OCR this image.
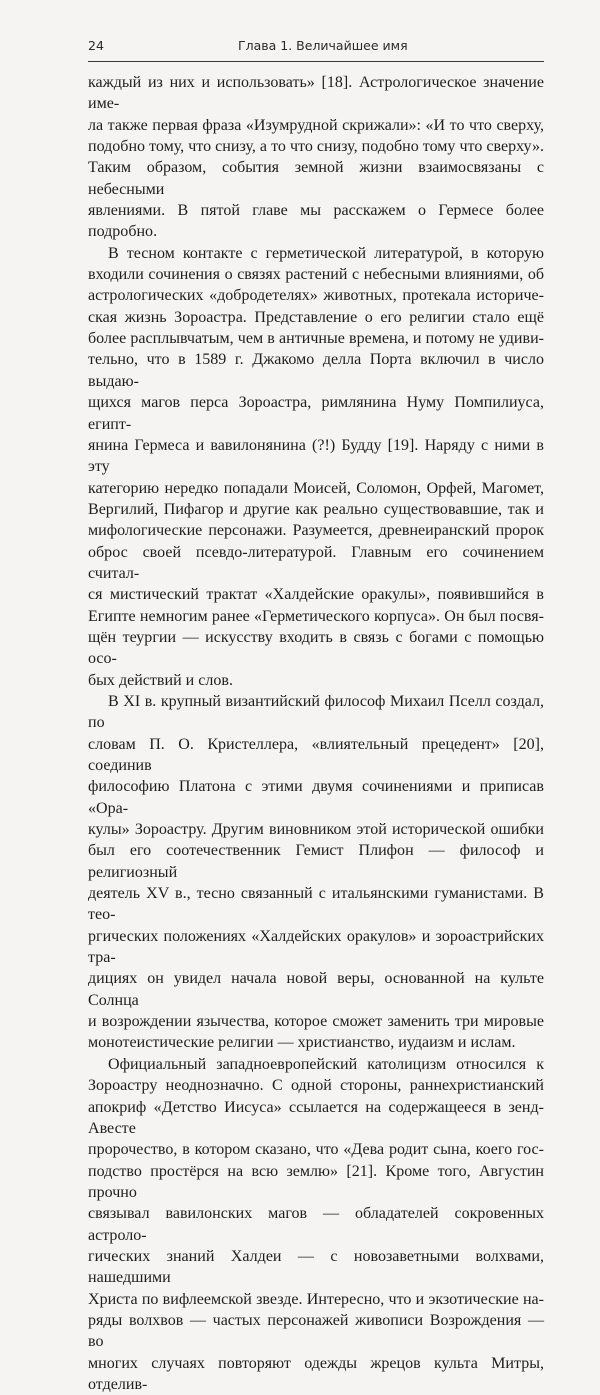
24	Глава 1. Величайшее имя
каждый из них и использовать» [18]. Астрологическое значение име-
ла также первая фраза «Изумрудной скрижали»: «И то что сверху,
подобно тому, что снизу, а то что снизу, подобно тому что сверху».
Таким образом, события земной жизни взаимосвязаны с небесными
явлениями. В пятой главе мы расскажем о Гермесе более подробно.
В тесном контакте с герметической литературой, в которую
входили сочинения о связях растений с небесными влияниями, об
астрологических «добродетелях» животных, протекала историче-
ская жизнь Зороастра. Представление о его религии стало ещё
более расплывчатым, чем в античные времена, и потому не удиви-
тельно, что в 1589 г. Джакомо делла Порта включил в число выдаю-
щихся магов перса Зороастра, римлянина Нуму Помпилиуса, египт-
янина Гермеса и вавилонянина (?!) Будду [19]. Наряду с ними в эту
категорию нередко попадали Моисей, Соломон, Орфей, Магомет,
Вергилий, Пифагор и другие как реально существовавшие, так и
мифологические персонажи. Разумеется, древнеиранский пророк
оброс своей псевдо-литературой. Главным его сочинением считал-
ся мистический трактат «Халдейские оракулы», появившийся в
Египте немногим ранее «Герметического корпуса». Он был посвя-
щён теургии — искусству входить в связь с богами с помощью осо-
бых действий и слов.
В XI в. крупный византийский философ Михаил Пселл создал, по
словам П. О. Кристеллера, «влиятельный прецедент» [20], соединив
философию Платона с этими двумя сочинениями и приписав «Ора-
кулы» Зороастру. Другим виновником этой исторической ошибки
был его соотечественник Гемист Плифон — философ и религиозный
деятель XV в., тесно связанный с итальянскими гуманистами. В тео-
ргических положениях «Халдейских оракулов» и зороастрийских тра-
дициях он увидел начала новой веры, основанной на культе Солнца
и возрождении язычества, которое сможет заменить три мировые
монотеистические религии — христианство, иудаизм и ислам.
Официальный западноевропейский католицизм относился к
Зороастру неоднозначно. С одной стороны, раннехристианский
апокриф «Детство Иисуса» ссылается на содержащееся в зенд-Авесте
пророчество, в котором сказано, что «Дева родит сына, коего гос-
подство простёрся на всю землю» [21]. Кроме того, Августин прочно
связывал вавилонских магов — обладателей сокровенных астроло-
гических знаний Халдеи — с новозаветными волхвами, нашедшими
Христа по вифлеемской звезде. Интересно, что и экзотические на-
ряды волхвов — частых персонажей живописи Возрождения — во
многих случаях повторяют одежды жрецов культа Митры, отделив-
